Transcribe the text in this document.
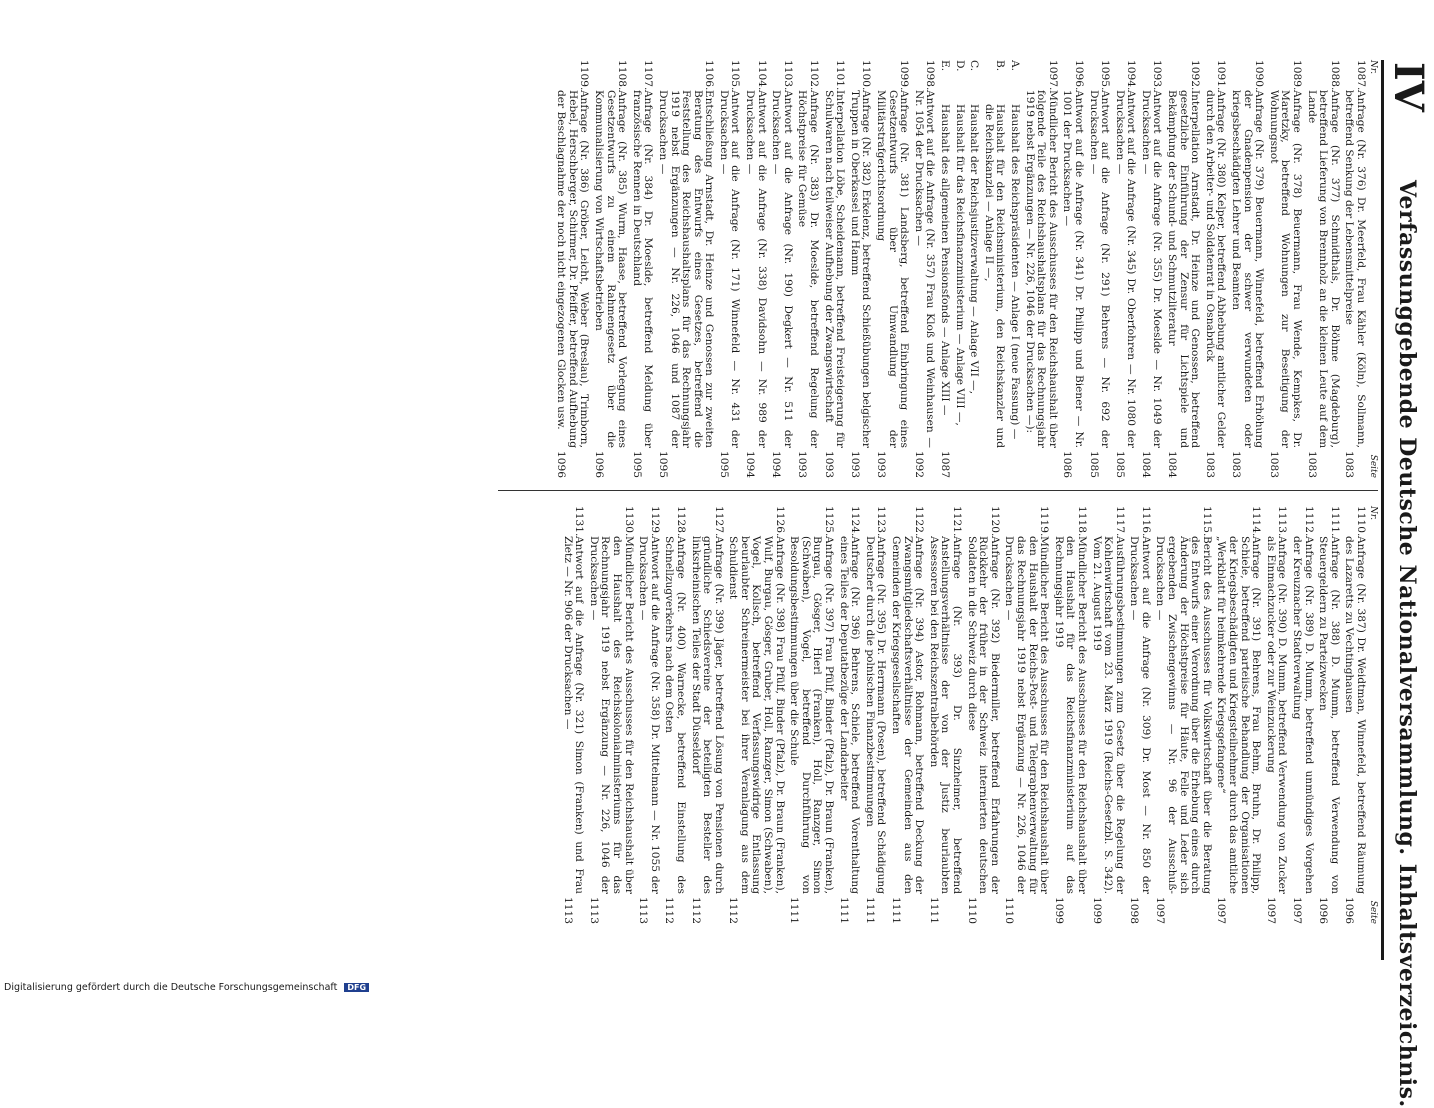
IV
Verfassunggebende Deutsche Nationalversammlung. Inhaltsverzeichnis.
Nr.
Seite
1087.
Anfrage (Nr. 376) Dr. Meerfeld, Frau Kähler (Köln), Sollmann, betreffend Senkung der Lebensmittelpreise
1083
1088.
Anfrage (Nr. 377) Schmidthals, Dr. Böhme (Magdeburg), betreffend Lieferung von Brennholz an die kleinen Leute auf dem Lande
1083
1089.
Anfrage (Nr. 378) Beuermann, Frau Wende, Kempkes, Dr. Maretzky, betreffend Wohnungen zur Beseitigung der Wohnungsnot
1083
1090.
Anfrage (Nr. 379) Beuermann, Winnefeld, betreffend Erhöhung der Gnadenpension der schwer verwundeten oder kriegsbeschädigten Lehrer und Beamten
1083
1091.
Anfrage (Nr. 380) Kelper, betreffend Abhebung amtlicher Gelder durch den Arbeiter- und Soldatenrat in Osnabrück
1083
1092.
Interpellation Arnstadt, Dr. Heinze und Genossen, betreffend gesetzliche Einführung der Zensur für Lichtspiele und Bekämpfung der Schund- und Schmutzliteratur
1084
1093.
Antwort auf die Anfrage (Nr. 355) Dr. Moeslde — Nr. 1049 der Drucksachen —
1084
1094.
Antwort auf die Anfrage (Nr. 345) Dr. Oberfohren — Nr. 1080 der Drucksachen —
1085
1095.
Antwort auf die Anfrage (Nr. 291) Behrens — Nr. 692 der Drucksachen —
1085
1096.
Antwort auf die Anfrage (Nr. 341) Dr. Philipp und Biener — Nr. 1001 der Drucksachen —
1086
1097.
Mündlicher Bericht des Ausschusses für den Reichshaushalt über folgende Teile des Reichshaushaltsplans für das Rechnungsjahr 1919 nebst Ergänzungen — Nr. 226, 1046 der Drucksachen —):
A.
Haushalt des Reichspräsidenten — Anlage I (neue Fassung) —
B.
Haushalt für den Reichsministerium, den Reichskanzler und die Reichskanzlei — Anlage II —,
C.
Haushalt der Reichsjustizverwaltung — Anlage VII —,
D.
Haushalt für das Reichsfinanzministerium — Anlage VIII —,
E.
Haushalt des allgemeinen Pensionsfonds — Anlage XIII —
1087
1098.
Antwort auf die Anfrage (Nr. 357) Frau Kloß und Weinhausen — Nr. 1054 der Drucksachen —
1092
1099.
Anfrage (Nr. 381) Landsberg, betreffend Einbringung eines Gesetzentwurfs über Umwandlung der Militärstrafgerichtsordnung
1093
1100.
Anfrage (Nr. 382) Erkelenz, betreffend Schießübungen belgischer Truppen in Oberkassel und Hamm
1093
1101.
Interpellation Löbe, Scheidemann, betreffend Freisteigerung für Schulwaren nach teilweiser Aufhebung der Zwangswirtschaft
1093
1102.
Anfrage (Nr. 383) Dr. Moeslde, betreffend Regelung der Höchstpreise für Gemüse
1093
1103.
Antwort auf die Anfrage (Nr. 190) Degkert — Nr. 511 der Drucksachen —
1094
1104.
Antwort auf die Anfrage (Nr. 338) Davidsohn — Nr. 989 der Drucksachen —
1094
1105.
Antwort auf die Anfrage (Nr. 171) Winnefeld — Nr. 431 der Drucksachen —
1095
1106.
Entschließung Arnstadt, Dr. Heinze und Genossen zur zweiten Beratung des Entwurfs eines Gesetzes, betreffend die Feststellung des Reichshaushaltsplans für das Rechnungsjahr 1919 nebst Ergänzungen — Nr. 226, 1046 und 1087 der Drucksachen —
1095
1107.
Anfrage (Nr. 384) Dr. Moeslde, betreffend Meldung über französische Rennen in Deutschland
1095
1108.
Anfrage (Nr. 385) Wurm, Haase, betreffend Vorlegung eines Gesetzentwurfs zu einem Rahmengesetz über die Kommunalisierung von Wirtschaftsbetrieben
1096
1109.
Anfrage (Nr. 386) Gröber, Leicht, Weber (Breslau), Trimborn, Hebel, Herschberger, Schirmer, Dr. Pfeiffer, betreffend Aufhebung der Beschlagnahme der noch nicht eingezogenen Glocken usw.
1096
Nr.
Seite
1110.
Anfrage (Nr. 387) Dr. Weidtman, Winnefeld, betreffend Räumung des Lazaretts zu Vechtinghausen
1096
1111.
Anfrage (Nr. 388) D. Mumm, betreffend Verwendung von Steuergeldern zu Parteizwecken
1096
1112.
Anfrage (Nr. 389) D. Mumm, betreffend unmündiges Vorgehen der Kreuznacher Stadtverwaltung
1097
1113.
Anfrage (Nr. 390) D. Mumm, betreffend Verwendung von Zucker als Einmachzucker oder zur Weinzuckerung
1097
1114.
Anfrage (Nr. 391) Behrens, Frau Behm, Bruhn, Dr. Philipp, Schiele, betreffend parteiische Behandlung der Organisationen der Kriegsbeschädigten und Kriegsteilnehmer durch das amtliche „Werkblatt für heimkehrende Kriegsgefangene“
1097
1115.
Bericht des Ausschusses für Volkswirtschaft über die Beratung des Entwurfs einer Verordnung über die Erhebung eines durch Änderung der Höchstpreise für Häute, Felle und Leder sich ergebenden Zwischengewinns — Nr. 96 der Ausschuß-Drucksachen —
1097
1116.
Antwort auf die Anfrage (Nr. 309) Dr. Most — Nr. 850 der Drucksachen —
1098
1117.
Ausführungsbestimmungen zum Gesetz über die Regelung der Kohlenwirtschaft vom 23. März 1919 (Reichs-Gesetzbl. S. 342). Vom 21. August 1919
1099
1118.
Mündlicher Bericht des Ausschusses für den Reichshaushalt über den Haushalt für das Reichsfinanzministerium auf das Rechnungsjahr 1919
1099
1119.
Mündlicher Bericht des Ausschusses für den Reichshaushalt über den Haushalt der Reichs-Post- und Telegraphenverwaltung für das Rechnungsjahr 1919 nebst Ergänzung — Nr. 226, 1046 der Drucksachen —
1110
1120.
Anfrage (Nr. 392) Biedermiller, betreffend Erfahrungen der Rückkehr der früher in der Schweiz internierten deutschen Soldaten in die Schweiz durch diese
1110
1121.
Anfrage (Nr. 393) Dr. Sinzheimer, betreffend Anstellungsverhältnisse der von der Justiz beurlaubten Assessoren bei den Reichszentralbehörden
1111
1122.
Anfrage (Nr. 394) Astor, Rohmann, betreffend Deckung der Zwangsmitgliedschaftsverhältnisse der Gemeinden aus den Gemeinden der Kriegsgesellschaften
1111
1123.
Anfrage (Nr. 395) Dr. Herrmann (Posen), betreffend Schädigung Deutscher durch die polnischen Finanzbestimmungen
1111
1124.
Anfrage (Nr. 396) Behrens, Schiele, betreffend Vorenthaltung eines Teiles der Deputatbezüge der Landarbeiter
1111
1125.
Anfrage (Nr. 397) Frau Pfülf, Binder (Pfalz), Dr. Braun (Franken), Burgau, Gösger, Hierl (Franken), Holl, Ranzger, Simon (Schwaben), Vogel, betreffend Durchführung von Besoldungsbestimmungen über die Schule
1111
1126.
Anfrage (Nr. 398) Frau Pfülf, Binder (Pfalz), Dr. Braun (Franken), Wulf, Burgau, Gösger, Gruber, Holl, Ranzger, Simon (Schwaben), Vogel, Kollsch, betreffend Verfassungswidrige Entlassung beurlaubter Schreinermeister bei ihrer Veranlagung aus dem Schuldienst
1112
1127.
Anfrage (Nr. 399) Jäger, betreffend Lösung von Pensionen durch gründliche Schiedsvereine der beteiligten Besteller des linksrheinischen Teiles der Stadt Düsseldorf
1112
1128.
Anfrage (Nr. 400) Warnecke, betreffend Einstellung des Schnellzugverkehrs nach dem Osten
1112
1129.
Antwort auf die Anfrage (Nr. 358) Dr. Mittelmann — Nr. 1055 der Drucksachen —
1113
1130.
Mündlicher Bericht des Ausschusses für den Reichshaushalt über den Haushalt des Reichskolonialministeriums für das Rechnungsjahr 1919 nebst Ergänzung — Nr. 226, 1046 der Drucksachen —
1113
1131.
Antwort auf die Anfrage (Nr. 321) Simon (Franken) und Frau Zietz — Nr. 906 der Drucksachen —
1113
Digitalisierung gefördert durch die Deutsche Forschungsgemeinschaft DFG
